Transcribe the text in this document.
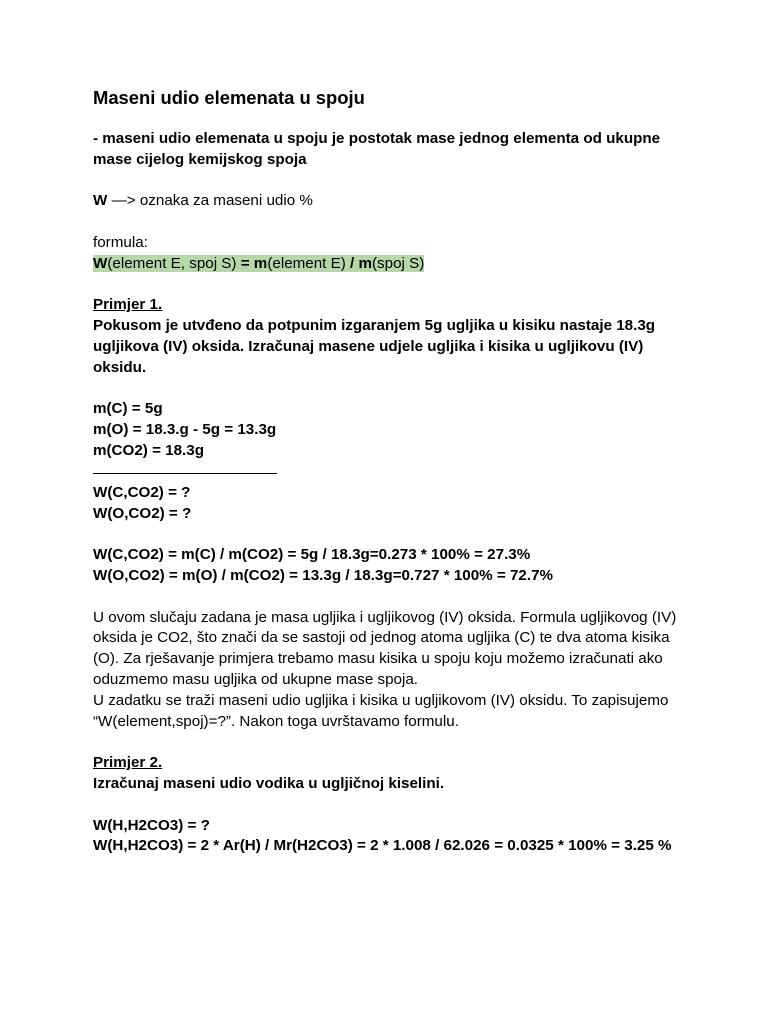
Maseni udio elemenata u spoju

- maseni udio elemenata u spoju je postotak mase jednog elementa od ukupne mase cijelog kemijskog spoja

W —> oznaka za maseni udio %

formula:

W(element E, spoj S) = m(element E) / m(spoj S)

Primjer 1.

Pokusom je utvđeno da potpunim izgaranjem 5g ugljika u kisiku nastaje 18.3g ugljikova (IV) oksida. Izračunaj masene udjele ugljika i kisika u ugljikovu (IV) oksidu.

m(C) = 5g

m(O) = 18.3.g - 5g = 13.3g

m(CO2) = 18.3g

W(C,CO2) = ?

W(O,CO2) = ?

W(C,CO2) = m(C) / m(CO2) = 5g / 18.3g=0.273 * 100% = 27.3%

W(O,CO2) = m(O) / m(CO2) = 13.3g / 18.3g=0.727 * 100% = 72.7%

U ovom slučaju zadana je masa ugljika i ugljikovog (IV) oksida. Formula ugljikovog (IV) oksida je CO2, što znači da se sastoji od jednog atoma ugljika (C) te dva atoma kisika (O). Za rješavanje primjera trebamo masu kisika u spoju koju možemo izračunati ako oduzmemo masu ugljika od ukupne mase spoja.

U zadatku se traži maseni udio ugljika i kisika u ugljikovom (IV) oksidu. To zapisujemo “W(element,spoj)=?”. Nakon toga uvrštavamo formulu.

Primjer 2.

Izračunaj maseni udio vodika u ugljičnoj kiselini.

W(H,H2CO3) = ?

W(H,H2CO3) = 2 * Ar(H) / Mr(H2CO3) = 2 * 1.008 / 62.026 = 0.0325 * 100% = 3.25 %
